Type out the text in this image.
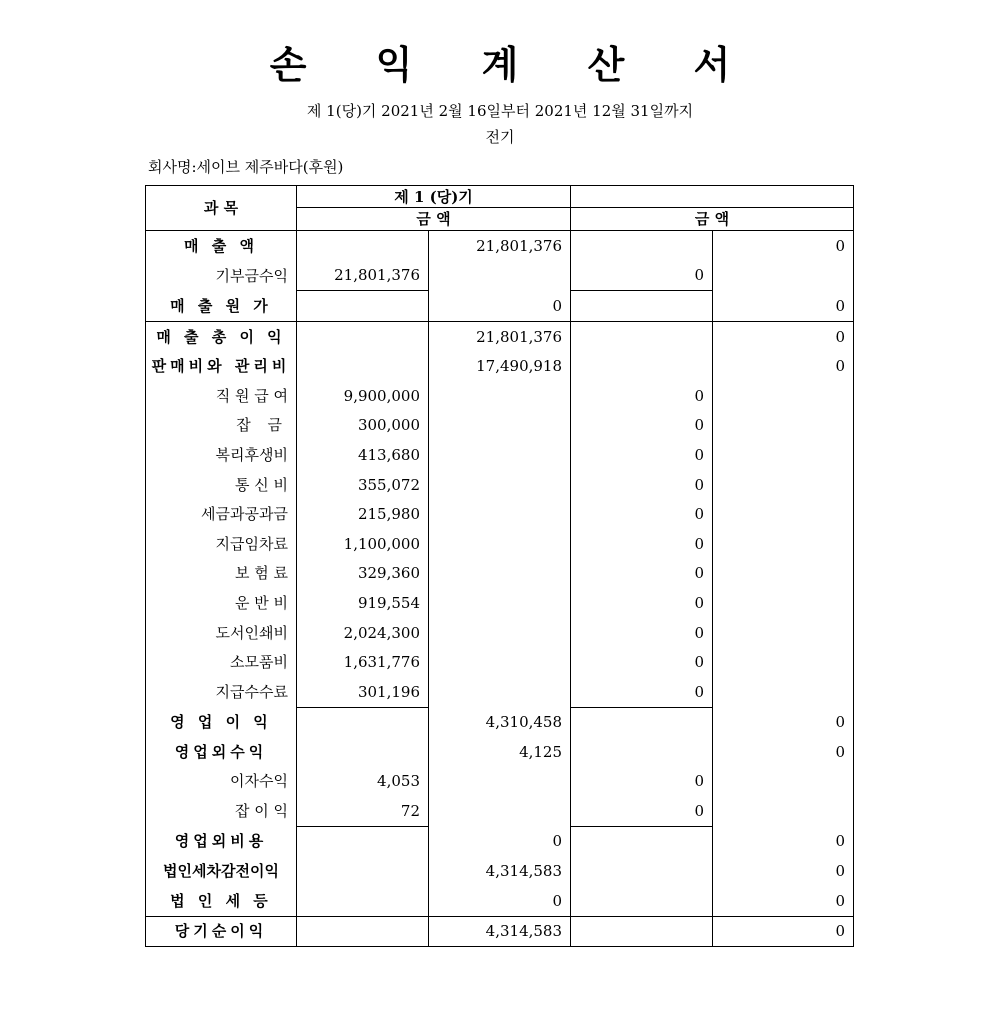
손 익 계 산 서
제 1(당)기 2021년 2월 16일부터 2021년 12월 31일까지
전기
회사명:세이브 제주바다(후원)
과 목	제 1 (당)기			
	금 액		금 액	
매 출 액		21,801,376		0
기부금수익	21,801,376		0	
매 출 원 가		0		0
매 출 총 이 익		21,801,376		0
판매비와 관리비		17,490,918		0
직 원 급 여	9,900,000		0	
잡 금	300,000		0	
복리후생비	413,680		0	
통 신 비	355,072		0	
세금과공과금	215,980		0	
지급임차료	1,100,000		0	
보 험 료	329,360		0	
운 반 비	919,554		0	
도서인쇄비	2,024,300		0	
소모품비	1,631,776		0	
지급수수료	301,196		0	
영 업 이 익		4,310,458		0
영업외수익		4,125		0
이자수익	4,053		0	
잡 이 익	72		0	
영업외비용		0		0
법인세차감전이익		4,314,583		0
법 인 세 등		0		0
당기순이익		4,314,583		0
